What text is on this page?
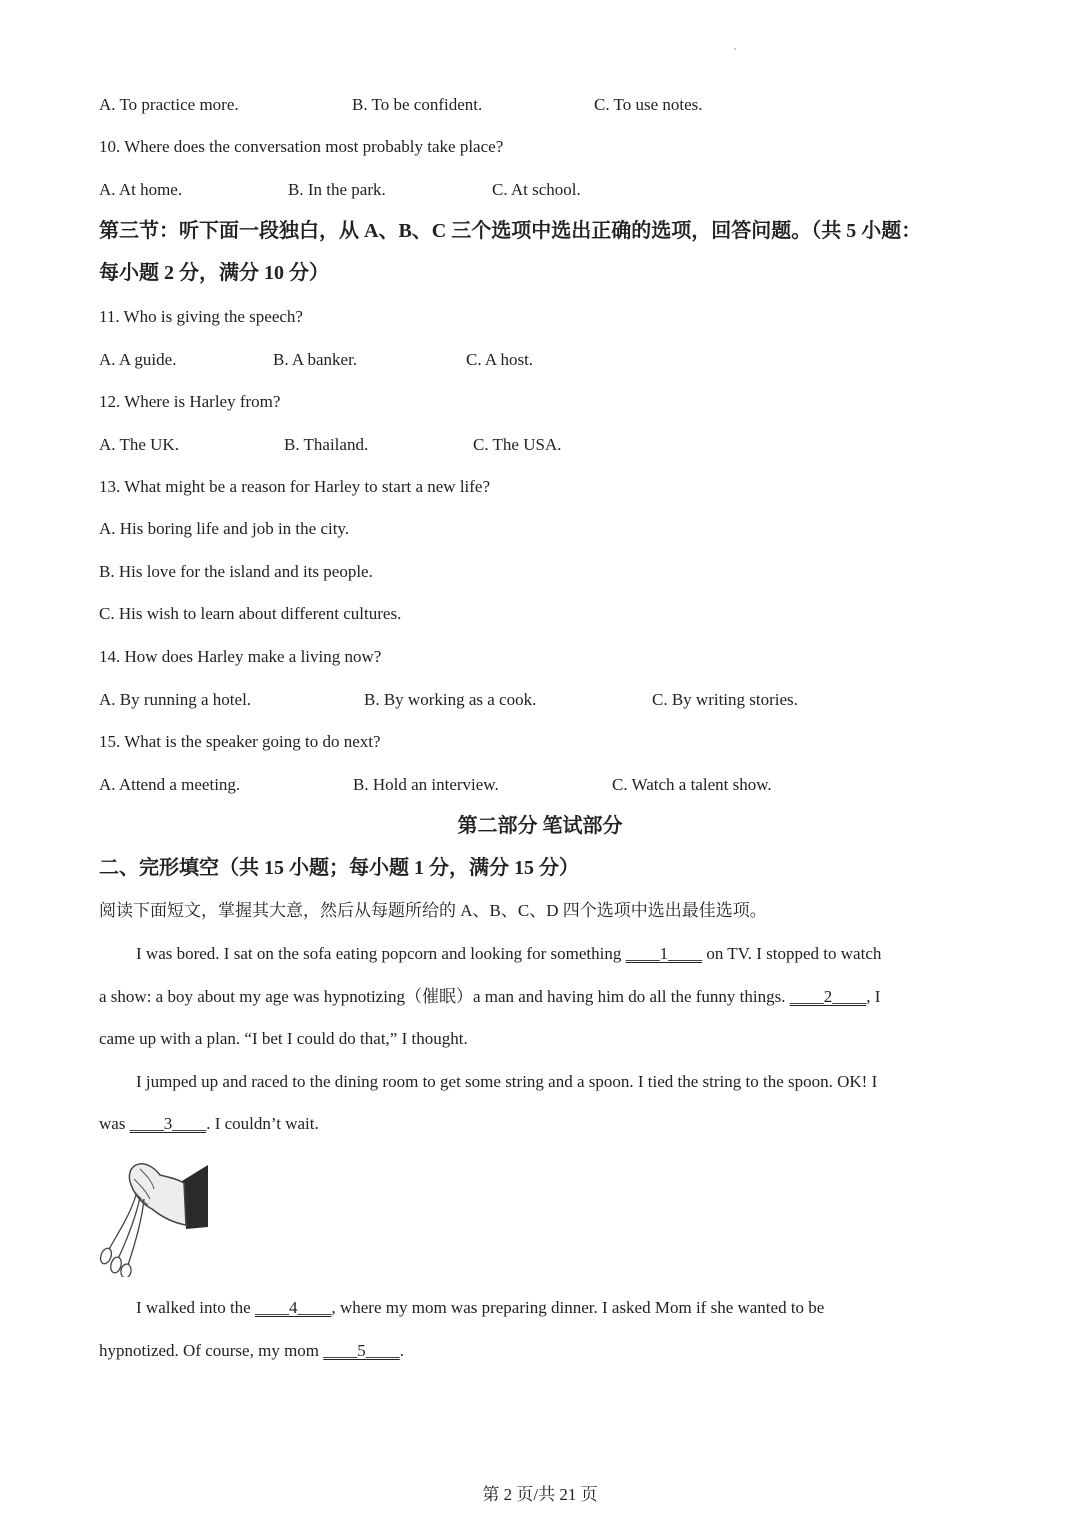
A. To practice more.	B. To be confident.	C. To use notes.
10. Where does the conversation most probably take place?
A. At home.	B. In the park.	C. At school.
第三节：听下面一段独白，从 A、B、C 三个选项中选出正确的选项，回答问题。（共 5 小题：
每小题 2 分，满分 10 分）
11. Who is giving the speech?
A. A guide.	B. A banker.	C. A host.
12. Where is Harley from?
A. The UK.	B. Thailand.	C. The USA.
13. What might be a reason for Harley to start a new life?
A. His boring life and job in the city.
B. His love for the island and its people.
C. His wish to learn about different cultures.
14. How does Harley make a living now?
A. By running a hotel.	B. By working as a cook.	C. By writing stories.
15. What is the speaker going to do next?
A. Attend a meeting.	B. Hold an interview.	C. Watch a talent show.
第二部分 笔试部分
二、完形填空（共 15 小题；每小题 1 分，满分 15 分）
阅读下面短文，掌握其大意，然后从每题所给的 A、B、C、D 四个选项中选出最佳选项。
I was bored. I sat on the sofa eating popcorn and looking for something ____1____ on TV. I stopped to watch
a show: a boy about my age was hypnotizing（催眠）a man and having him do all the funny things. ____2____, I
came up with a plan. “I bet I could do that,” I thought.
I jumped up and raced to the dining room to get some string and a spoon. I tied the string to the spoon. OK! I
was ____3____. I couldn’t wait.
I walked into the ____4____, where my mom was preparing dinner. I asked Mom if she wanted to be
hypnotized. Of course, my mom ____5____.
第 2 页/共 21 页
